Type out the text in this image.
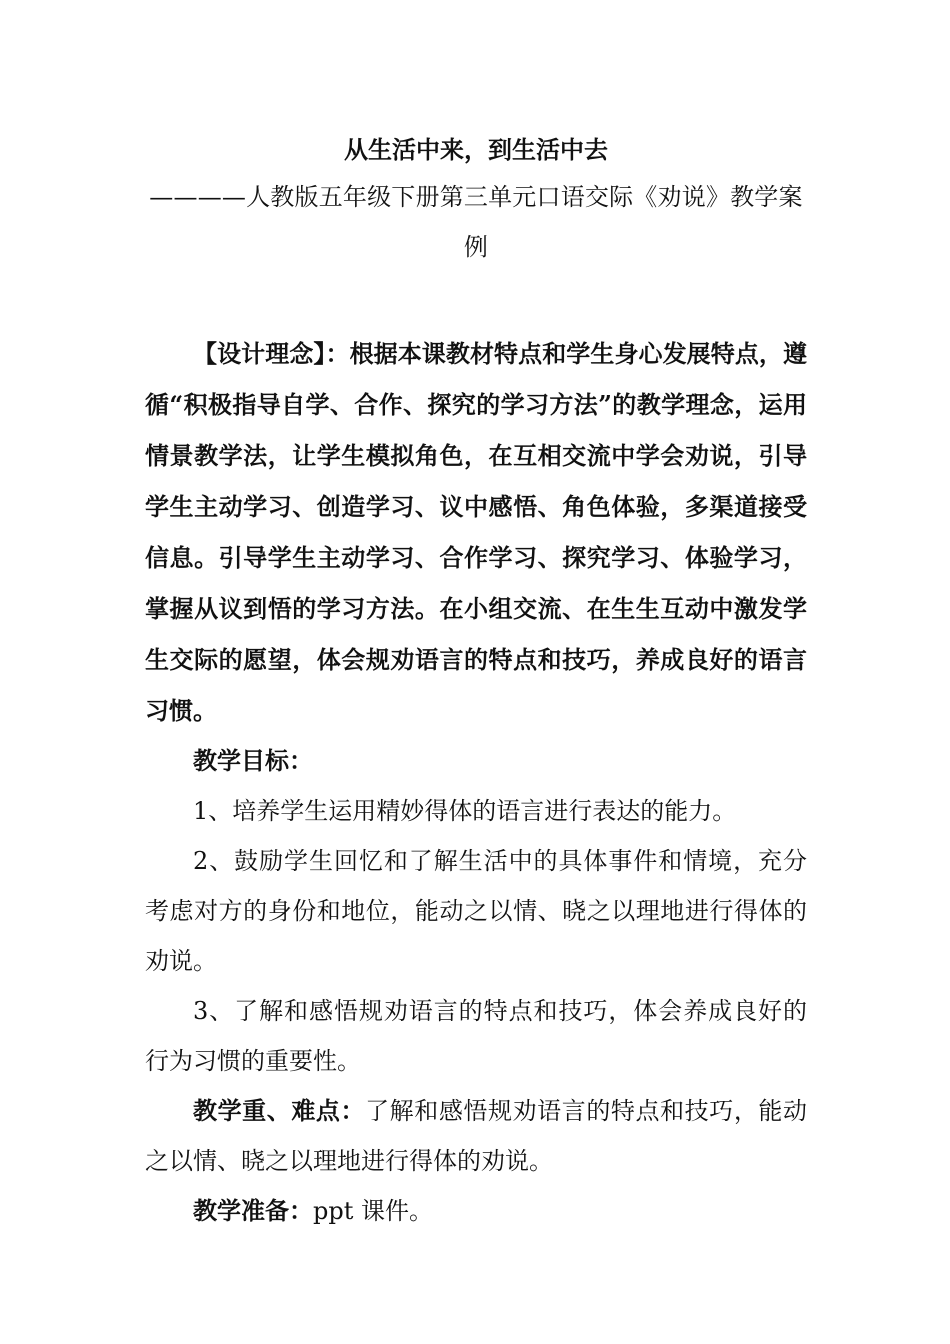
从生活中来，到生活中去

————人教版五年级下册第三单元口语交际《劝说》教学案例

【设计理念】：根据本课教材特点和学生身心发展特点，遵循“积极指导自学、合作、探究的学习方法”的教学理念，运用情景教学法，让学生模拟角色，在互相交流中学会劝说，引导学生主动学习、创造学习、议中感悟、角色体验，多渠道接受信息。引导学生主动学习、合作学习、探究学习、体验学习，掌握从议到悟的学习方法。在小组交流、在生生互动中激发学生交际的愿望，体会规劝语言的特点和技巧，养成良好的语言习惯。

教学目标：

1、培养学生运用精妙得体的语言进行表达的能力。

2、鼓励学生回忆和了解生活中的具体事件和情境，充分考虑对方的身份和地位，能动之以情、晓之以理地进行得体的劝说。

3、了解和感悟规劝语言的特点和技巧，体会养成良好的行为习惯的重要性。

教学重、难点：了解和感悟规劝语言的特点和技巧，能动之以情、晓之以理地进行得体的劝说。

教学准备：ppt 课件。
